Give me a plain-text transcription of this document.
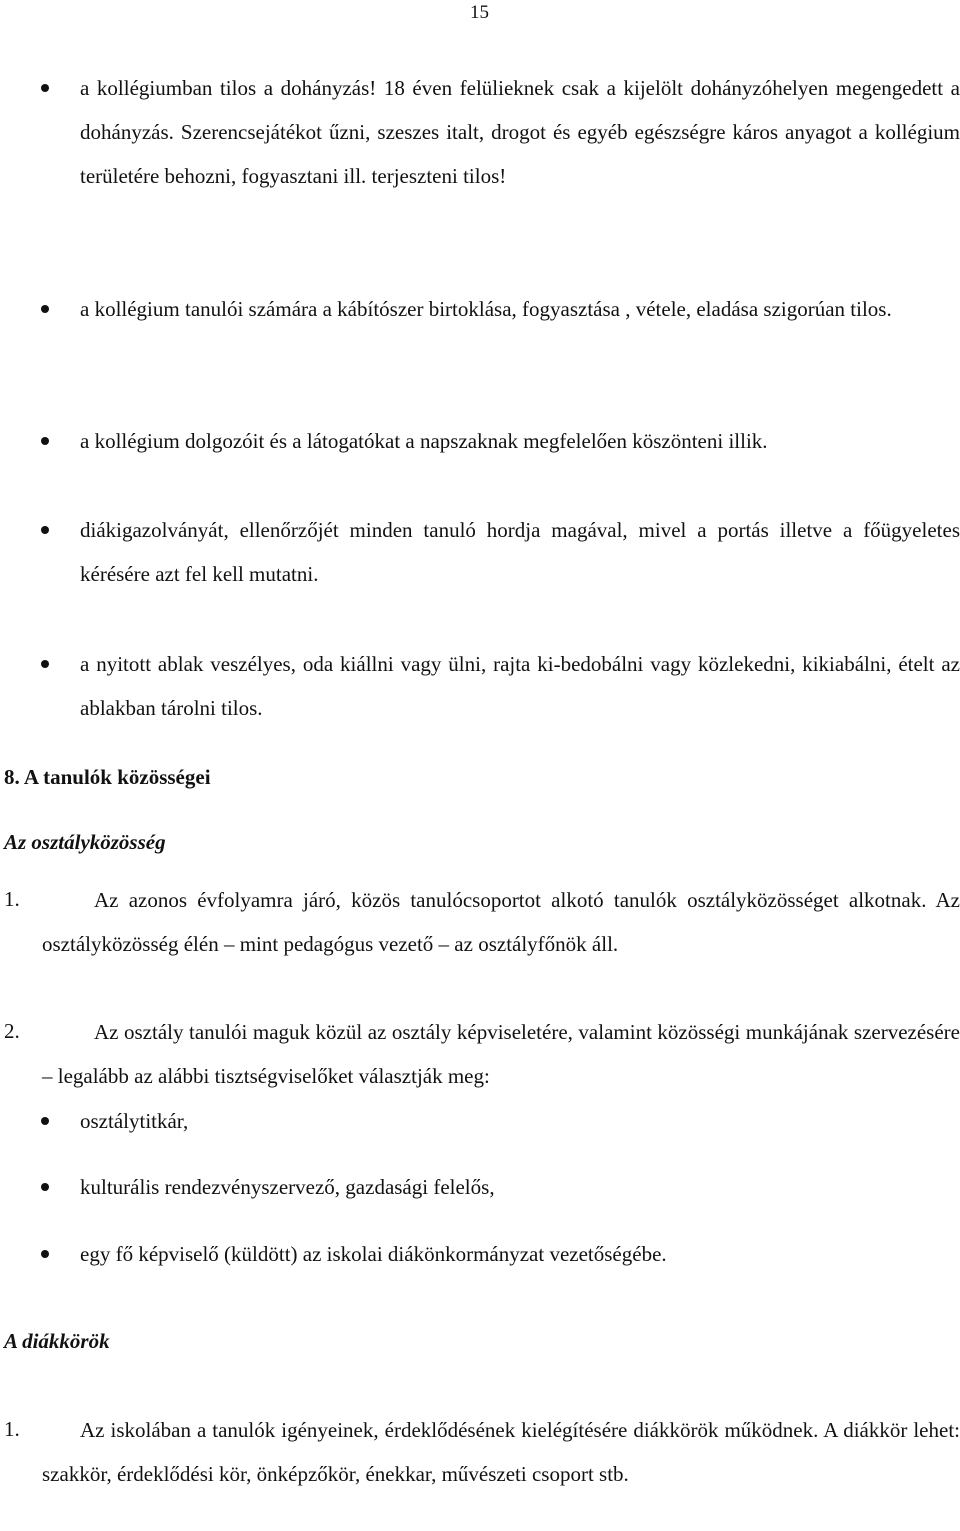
15
a kollégiumban tilos a dohányzás! 18 éven felülieknek csak a kijelölt dohányzóhelyen megengedett a dohányzás. Szerencsejátékot űzni, szeszes italt, drogot és egyéb egészségre káros anyagot a kollégium területére behozni, fogyasztani ill. terjeszteni tilos!
a kollégium tanulói számára a kábítószer birtoklása, fogyasztása , vétele, eladása szigorúan tilos.
a kollégium dolgozóit és a látogatókat a napszaknak megfelelően köszönteni illik.
diákigazolványát, ellenőrzőjét minden tanuló hordja magával, mivel a portás illetve a főügyeletes kérésére azt fel kell mutatni.
a nyitott ablak veszélyes, oda kiállni vagy ülni, rajta ki-bedobálni vagy közlekedni, kikiabálni, ételt az ablakban tárolni tilos.
8. A tanulók közösségei
Az osztályközösség
1.	Az azonos évfolyamra járó, közös tanulócsoportot alkotó tanulók osztályközösséget alkotnak. Az osztályközösség élén – mint pedagógus vezető – az osztályfőnök áll.
2.	Az osztály tanulói maguk közül az osztály képviseletére, valamint közösségi munkájának szervezésére – legalább az alábbi tisztségviselőket választják meg:
osztálytitkár,
kulturális rendezvényszervező, gazdasági felelős,
egy fő képviselő (küldött) az iskolai diákönkormányzat vezetőségébe.
A diákkörök
1.	Az iskolában a tanulók igényeinek, érdeklődésének kielégítésére diákkörök működnek. A diákkör lehet: szakkör, érdeklődési kör, önképzőkör, énekkar, művészeti csoport stb.
